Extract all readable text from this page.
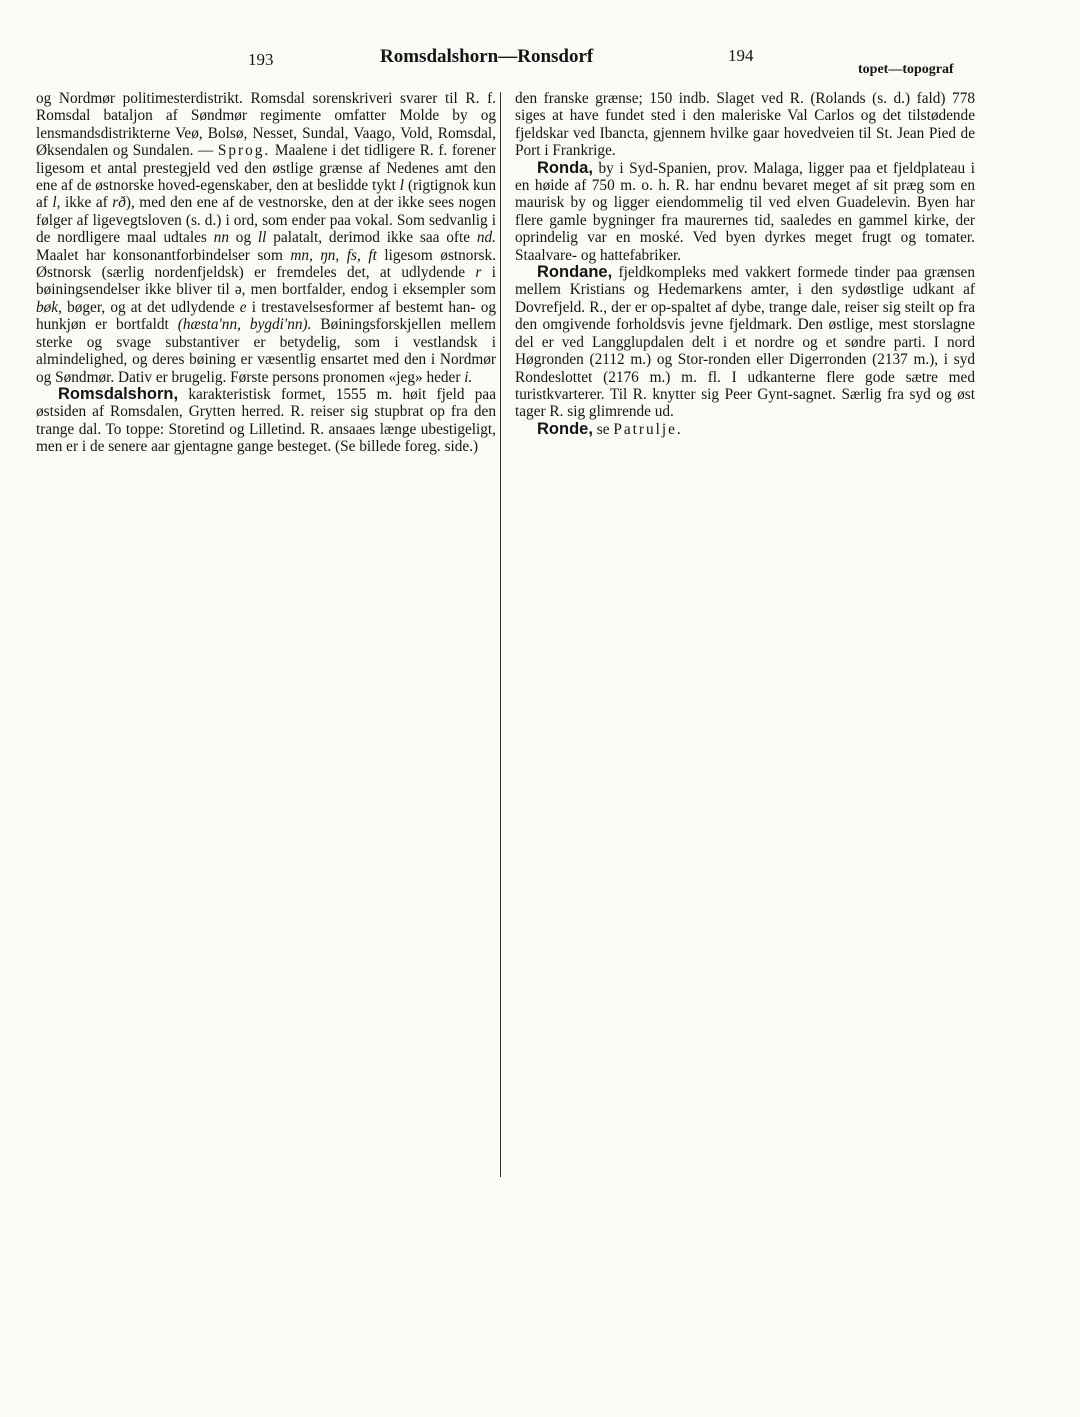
193	Romsdalshorn—Ronsdorf	194
topet—topograf

og Nordmør politimesterdistrikt. Romsdal sorenskriveri svarer til R. f. Romsdal bataljon af Søndmør regimente omfatter Molde by og lensmandsdistrikterne Veø, Bolsø, Nesset, Sundal, Vaago, Vold, Romsdal, Øksendalen og Sundalen. — Sprog. Maalene i det tidligere R. f. forener ligesom et antal prestegjeld ved den østlige grænse af Nedenes amt den ene af de østnorske hoved-egenskaber, den at beslidde tykt l (rigtignok kun af l, ikke af rð), med den ene af de vestnorske, den at der ikke sees nogen følger af ligevegtsloven (s. d.) i ord, som ender paa vokal. Som sedvanlig i de nordligere maal udtales nn og ll palatalt, derimod ikke saa ofte nd. Maalet har konsonantforbindelser som mn, ŋn, fs, ft ligesom østnorsk. Østnorsk (særlig nordenfjeldsk) er fremdeles det, at udlydende r i bøiningsendelser ikke bliver til ə, men bortfalder, endog i eksempler som bøk, bøger, og at det udlydende e i trestavelsesformer af bestemt han- og hunkjøn er bortfaldt (hæsta'nn, bygdi'nn). Bøiningsforskjellen mellem sterke og svage substantiver er betydelig, som i vestlandsk i almindelighed, og deres bøining er væsentlig ensartet med den i Nordmør og Søndmør. Dativ er brugelig. Første persons pronomen «jeg» heder i.

Romsdalshorn, karakteristisk formet, 1555 m. høit fjeld paa østsiden af Romsdalen, Grytten herred. R. reiser sig stupbrat op fra den trange dal. To toppe: Storetind og Lilletind. R. ansaaes længe ubestigeligt, men er i de senere aar gjentagne gange besteget. (Se billede foreg. side.)

den franske grænse; 150 indb. Slaget ved R. (Rolands (s. d.) fald) 778 siges at have fundet sted i den maleriske Val Carlos og det tilstødende fjeldskar ved Ibancta, gjennem hvilke gaar hovedveien til St. Jean Pied de Port i Frankrige.

Ronda, by i Syd-Spanien, prov. Malaga, ligger paa et fjeldplateau i en høide af 750 m. o. h. R. har endnu bevaret meget af sit præg som en maurisk by og ligger eiendommelig til ved elven Guadelevin. Byen har flere gamle bygninger fra maurernes tid, saaledes en gammel kirke, der oprindelig var en moské. Ved byen dyrkes meget frugt og tomater. Staalvare- og hattefabriker.

Rondane, fjeldkompleks med vakkert formede tinder paa grænsen mellem Kristians og Hedemarkens amter, i den sydøstlige udkant af Dovrefjeld. R., der er op-spaltet af dybe, trange dale, reiser sig steilt op fra den omgivende forholdsvis jevne fjeldmark. Den østlige, mest storslagne del er ved Langglupdalen delt i et nordre og et søndre parti. I nord Høgronden (2112 m.) og Stor-ronden eller Digerronden (2137 m.), i syd Rondeslottet (2176 m.) m. fl. I udkanterne flere gode sætre med turistkvarterer. Til R. knytter sig Peer Gynt-sagnet. Særlig fra syd og øst tager R. sig glimrende ud.

Ronde, se Patrulje.
